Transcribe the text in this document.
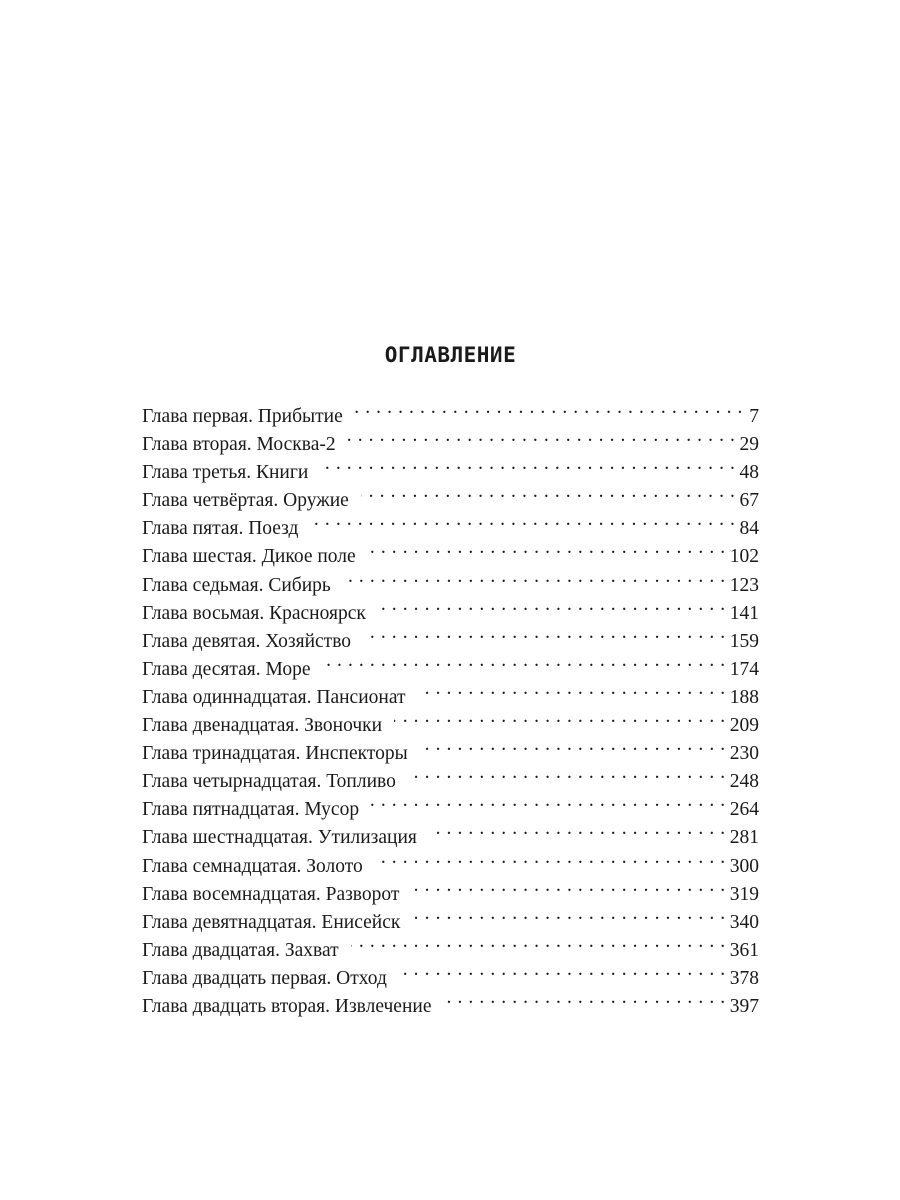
ОГЛАВЛЕНИЕ
Глава первая. Прибытие . . .	7
Глава вторая. Москва-2 . . .	29
Глава третья. Книги . . .	48
Глава четвёртая. Оружие . . .	67
Глава пятая. Поезд . . .	84
Глава шестая. Дикое поле . . .	102
Глава седьмая. Сибирь . . .	123
Глава восьмая. Красноярск . . .	141
Глава девятая. Хозяйство . . .	159
Глава десятая. Море . . .	174
Глава одиннадцатая. Пансионат . . .	188
Глава двенадцатая. Звоночки . . .	209
Глава тринадцатая. Инспекторы . . .	230
Глава четырнадцатая. Топливо . . .	248
Глава пятнадцатая. Мусор . . .	264
Глава шестнадцатая. Утилизация . . .	281
Глава семнадцатая. Золото . . .	300
Глава восемнадцатая. Разворот . . .	319
Глава девятнадцатая. Енисейск . . .	340
Глава двадцатая. Захват . . .	361
Глава двадцать первая. Отход . . .	378
Глава двадцать вторая. Извлечение . . .	397
